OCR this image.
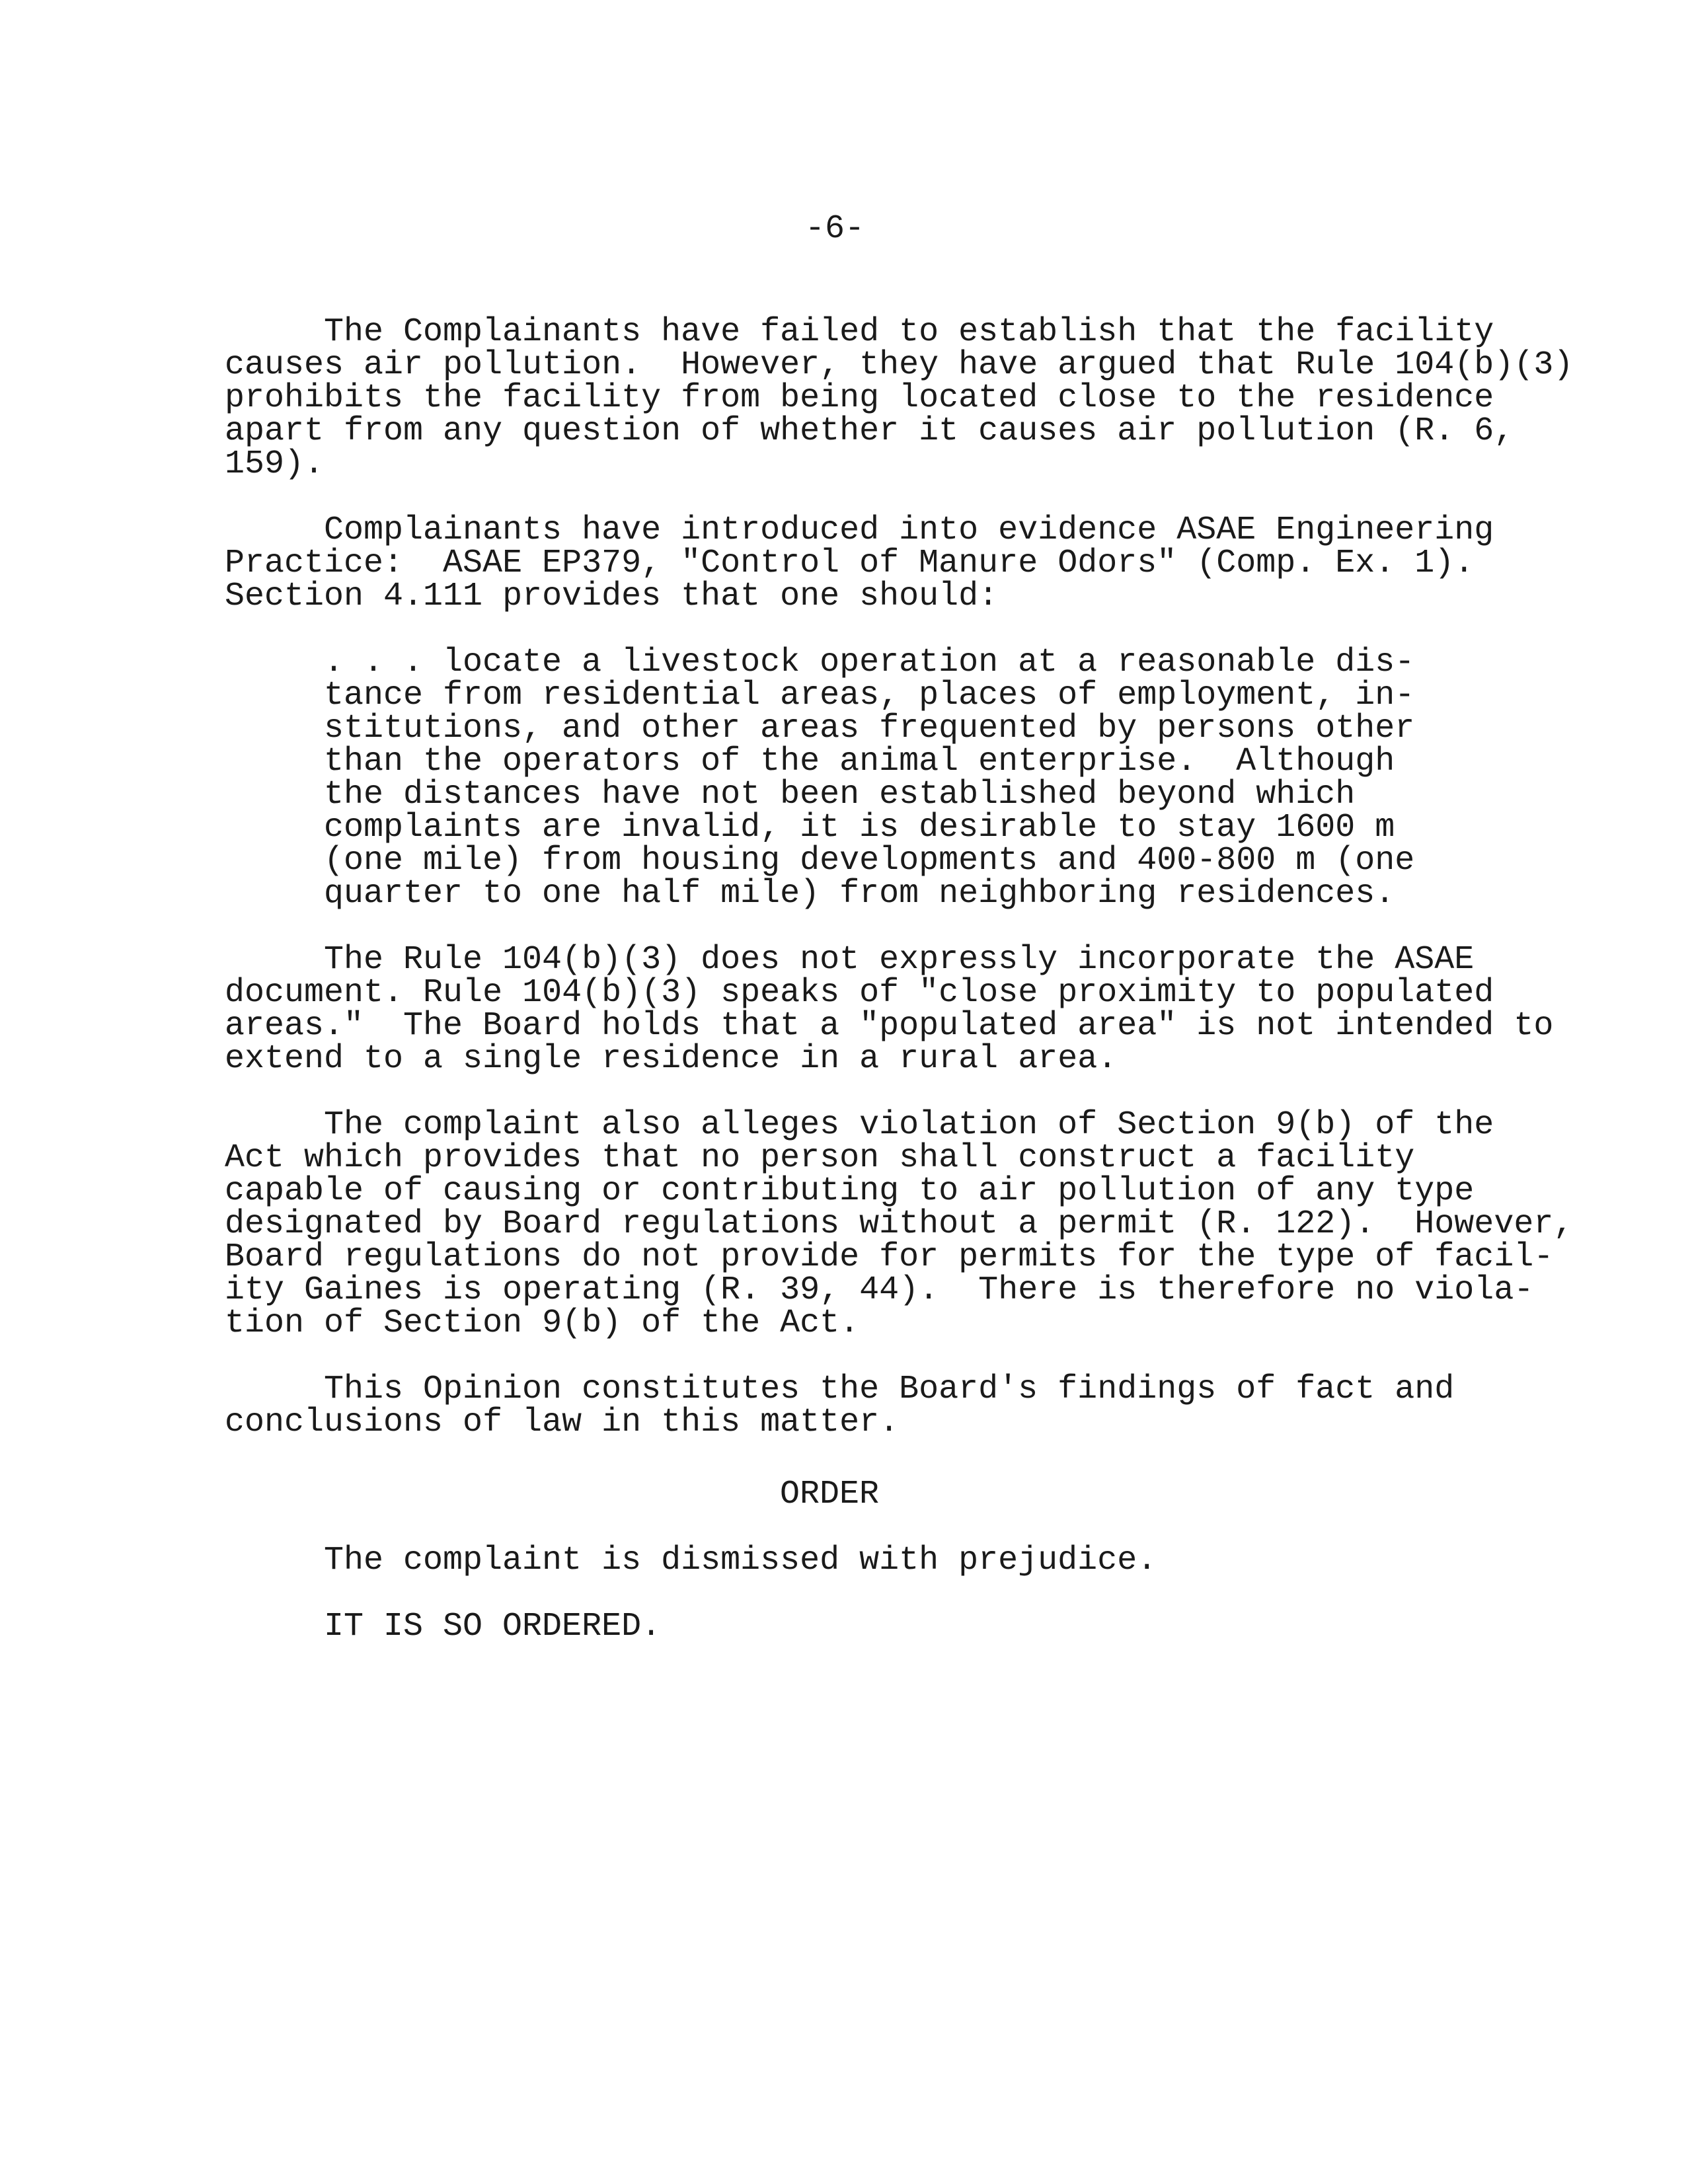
-6-
The Complainants have failed to establish that the facility
causes air pollution.  However, they have argued that Rule 104(b)(3)
prohibits the facility from being located close to the residence
apart from any question of whether it causes air pollution (R. 6,
159).
Complainants have introduced into evidence ASAE Engineering
Practice:  ASAE EP379, "Control of Manure Odors" (Comp. Ex. 1).
Section 4.111 provides that one should:
. . . locate a livestock operation at a reasonable dis-
tance from residential areas, places of employment, in-
stitutions, and other areas frequented by persons other
than the operators of the animal enterprise.  Although
the distances have not been established beyond which
complaints are invalid, it is desirable to stay 1600 m
(one mile) from housing developments and 400-800 m (one
quarter to one half mile) from neighboring residences.
The Rule 104(b)(3) does not expressly incorporate the ASAE
document. Rule 104(b)(3) speaks of "close proximity to populated
areas."  The Board holds that a "populated area" is not intended to
extend to a single residence in a rural area.
The complaint also alleges violation of Section 9(b) of the
Act which provides that no person shall construct a facility
capable of causing or contributing to air pollution of any type
designated by Board regulations without a permit (R. 122).  However,
Board regulations do not provide for permits for the type of facil-
ity Gaines is operating (R. 39, 44).  There is therefore no viola-
tion of Section 9(b) of the Act.
This Opinion constitutes the Board's findings of fact and
conclusions of law in this matter.
ORDER
The complaint is dismissed with prejudice.
IT IS SO ORDERED.
